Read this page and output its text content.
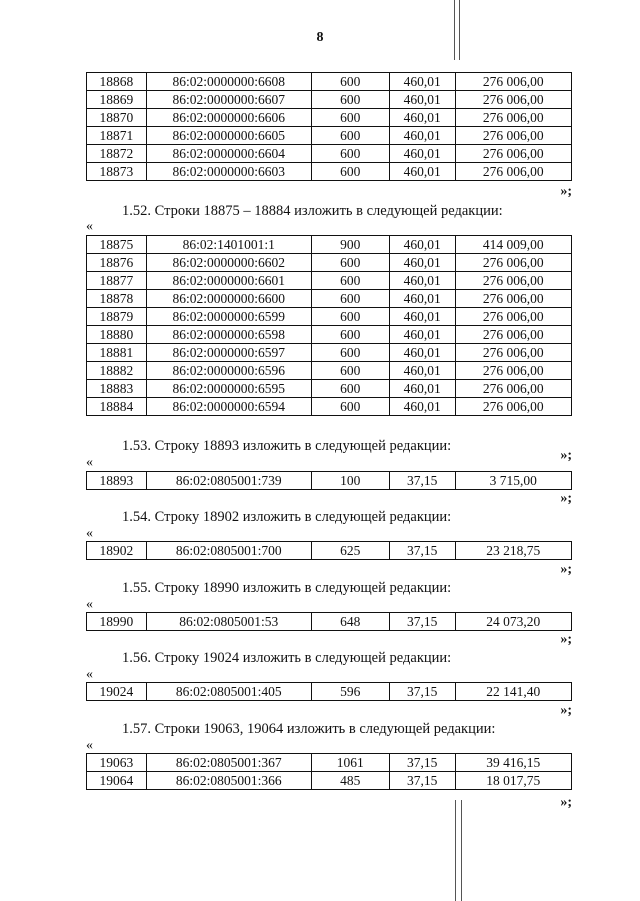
8
18868	86:02:0000000:6608	600	460,01	276 006,00
18869	86:02:0000000:6607	600	460,01	276 006,00
18870	86:02:0000000:6606	600	460,01	276 006,00
18871	86:02:0000000:6605	600	460,01	276 006,00
18872	86:02:0000000:6604	600	460,01	276 006,00
18873	86:02:0000000:6603	600	460,01	276 006,00
»;
1.52. Строки 18875 – 18884 изложить в следующей редакции:
«
18875	86:02:1401001:1	900	460,01	414 009,00
18876	86:02:0000000:6602	600	460,01	276 006,00
18877	86:02:0000000:6601	600	460,01	276 006,00
18878	86:02:0000000:6600	600	460,01	276 006,00
18879	86:02:0000000:6599	600	460,01	276 006,00
18880	86:02:0000000:6598	600	460,01	276 006,00
18881	86:02:0000000:6597	600	460,01	276 006,00
18882	86:02:0000000:6596	600	460,01	276 006,00
18883	86:02:0000000:6595	600	460,01	276 006,00
18884	86:02:0000000:6594	600	460,01	276 006,00
»;
1.53. Строку 18893 изложить в следующей редакции:
«
18893	86:02:0805001:739	100	37,15	3 715,00
»;
1.54. Строку 18902 изложить в следующей редакции:
«
18902	86:02:0805001:700	625	37,15	23 218,75
»;
1.55. Строку 18990 изложить в следующей редакции:
«
18990	86:02:0805001:53	648	37,15	24 073,20
»;
1.56. Строку 19024 изложить в следующей редакции:
«
19024	86:02:0805001:405	596	37,15	22 141,40
»;
1.57. Строки 19063, 19064 изложить в следующей редакции:
«
19063	86:02:0805001:367	1061	37,15	39 416,15
19064	86:02:0805001:366	485	37,15	18 017,75
»;
